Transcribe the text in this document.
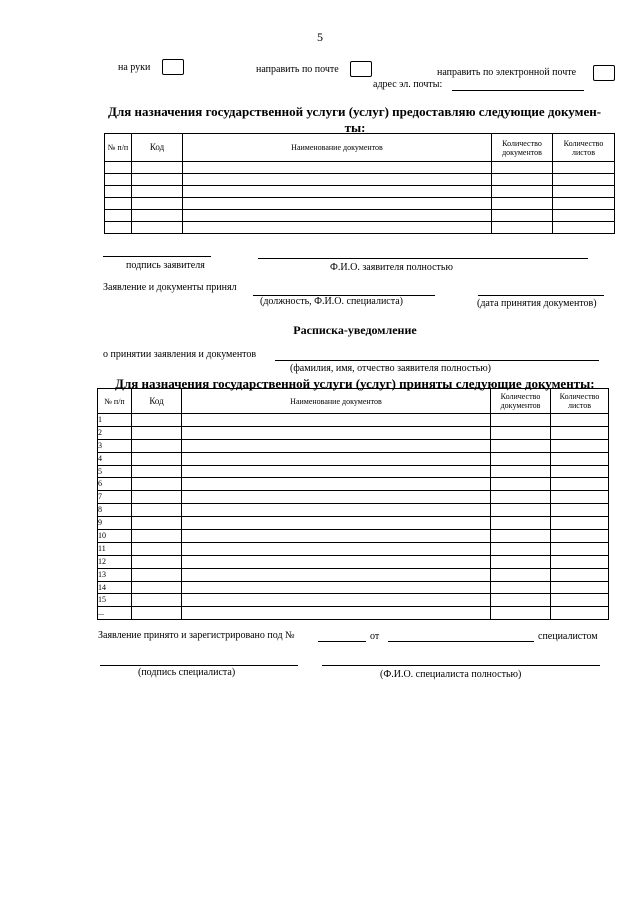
5
на руки	направить по почте	направить по электронной почте
адрес эл. почты:
Для назначения государственной услуги (услуг) предоставляю следующие докумен-
ты:
№ п/п	Код	Наименование документов	Количество документов	Количество листов

подпись заявителя	Ф.И.О. заявителя полностью
Заявление и документы принял
(должность, Ф.И.О. специалиста)	(дата принятия документов)
Расписка-уведомление
о принятии заявления и документов
(фамилия, имя, отчество заявителя полностью)
Для назначения государственной услуги (услуг) приняты следующие документы:
№ п/п	Код	Наименование документов	Количество документов	Количество листов
1				
2				
3				
4				
5				
6				
7				
8				
9				
10				
11				
12				
13				
14				
15				
...				
Заявление принято и зарегистрировано под №	от	специалистом
(подпись специалиста)	(Ф.И.О. специалиста полностью)
